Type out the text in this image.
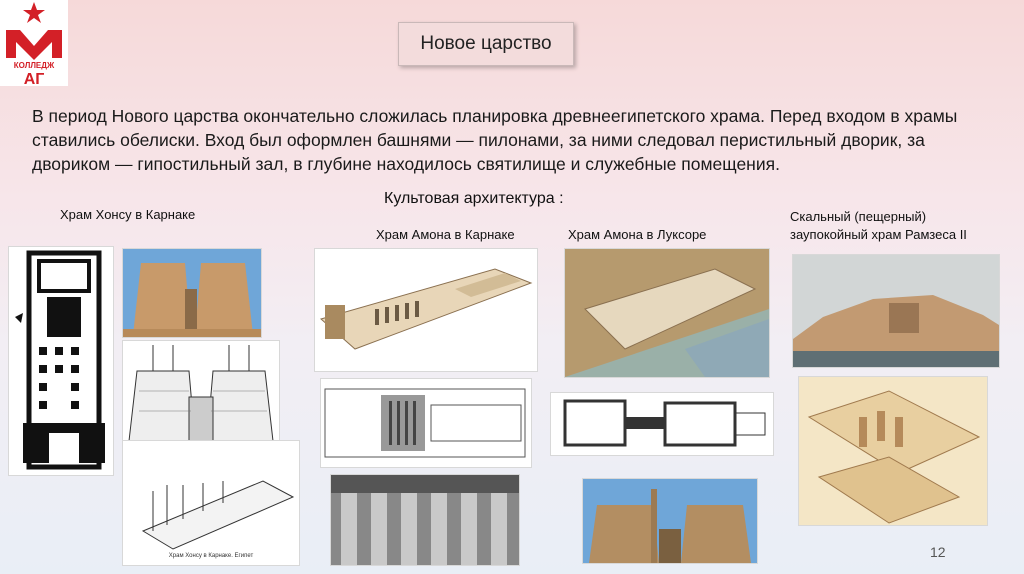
КОЛЛЕДЖ
АГ
Новое царство
В период Нового царства окончательно сложилась планировка древнеегипетского храма. Перед входом в храмы ставились обелиски. Вход был оформлен башнями — пилонами, за ними следовал перистильный дворик, за двориком — гипостильный зал, в глубине находилось святилище и служебные помещения.
Культовая архитектура :
Храм Хонсу в Карнаке
Храм Амона в Карнаке	Храм Амона в Луксоре
Скальный (пещерный) заупокойный храм Рамзеса II
Храм Хонсу в Карнаке. Египет	12
